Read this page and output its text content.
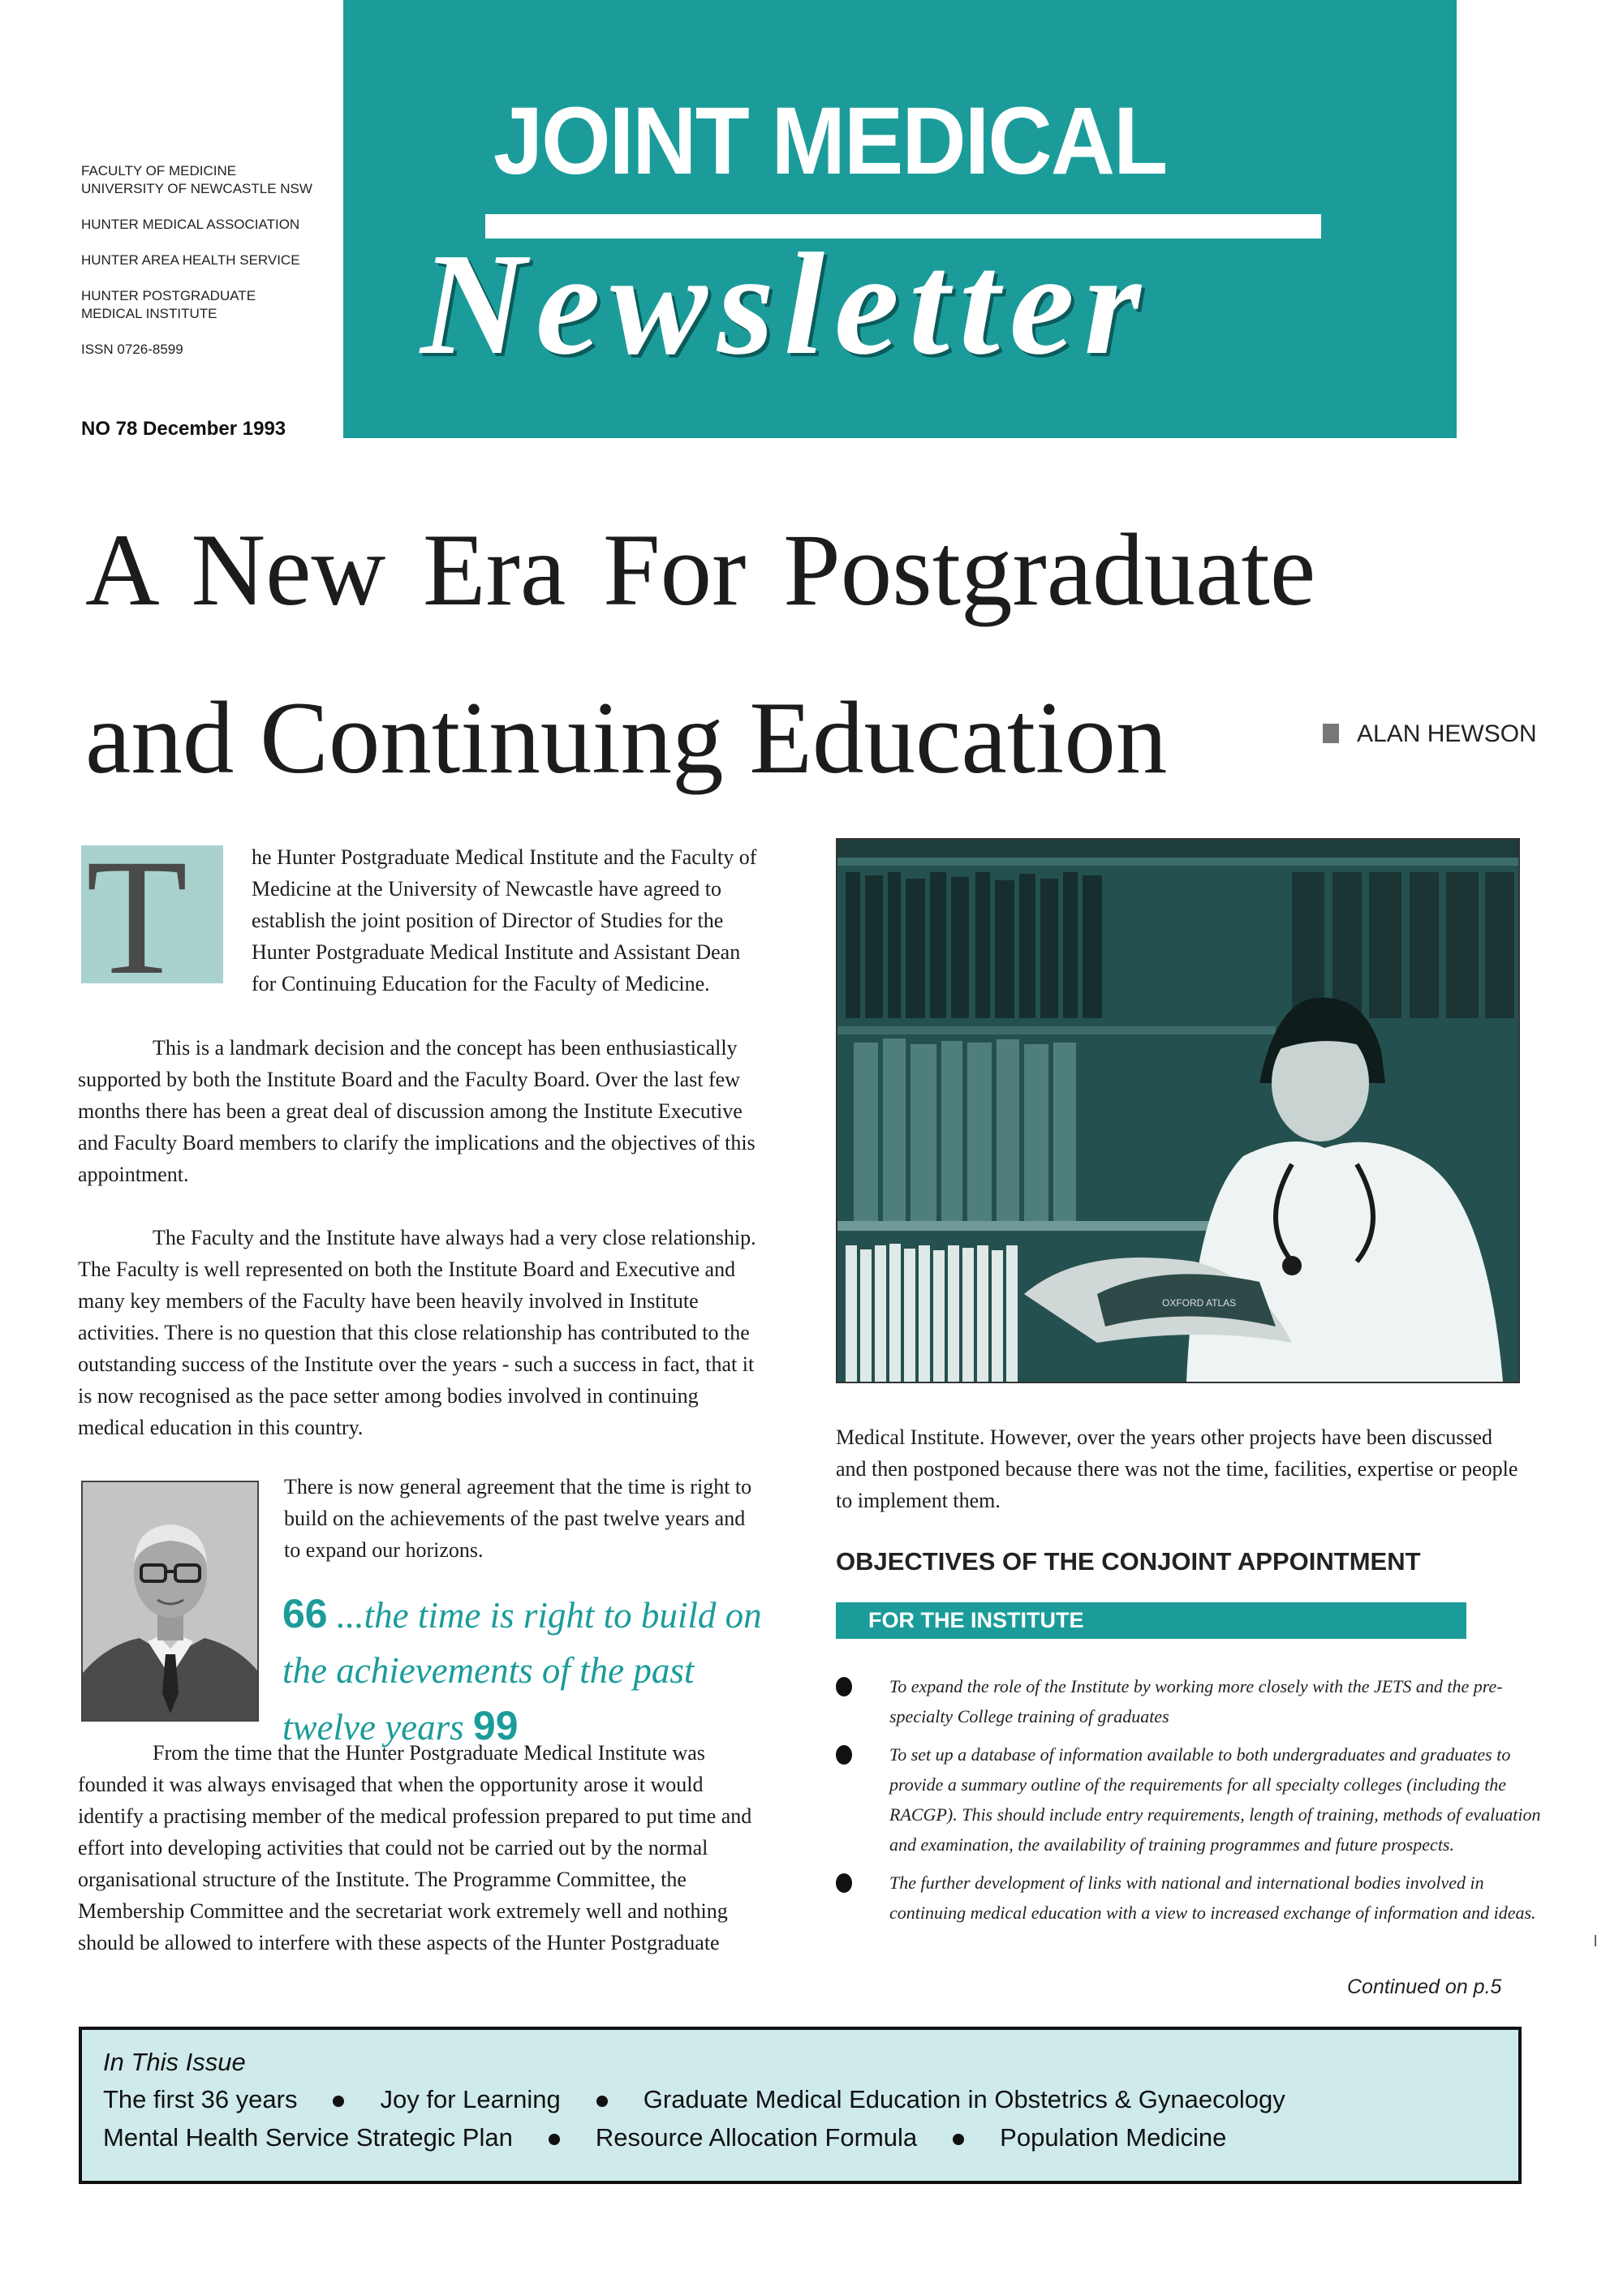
FACULTY OF MEDICINE
UNIVERSITY OF NEWCASTLE NSW
HUNTER MEDICAL ASSOCIATION
HUNTER AREA HEALTH SERVICE
HUNTER POSTGRADUATE
MEDICAL INSTITUTE
ISSN 0726-8599
NO 78 December 1993
JOINT MEDICAL
Newsletter
A New Era For Postgraduate
and Continuing Education	ALAN HEWSON
T	he Hunter Postgraduate Medical Institute and the Faculty of Medicine at the University of Newcastle have agreed to establish the joint position of Director of Studies for the Hunter Postgraduate Medical Institute and Assistant Dean for Continuing Education for the Faculty of Medicine.
This is a landmark decision and the concept has been enthusiastically supported by both the Institute Board and the Faculty Board. Over the last few months there has been a great deal of discussion among the Institute Executive and Faculty Board members to clarify the implications and the objectives of this appointment.
The Faculty and the Institute have always had a very close relationship. The Faculty is well represented on both the Institute Board and Executive and many key members of the Faculty have been heavily involved in Institute activities. There is no question that this close relationship has contributed to the outstanding success of the Institute over the years - such a success in fact, that it is now recognised as the pace setter among bodies involved in continuing medical education in this country.
There is now general agreement that the time is right to build on the achievements of the past twelve years and to expand our horizons.
66 ...the time is right to build on the achievements of the past twelve years 99
From the time that the Hunter Postgraduate Medical Institute was founded it was always envisaged that when the opportunity arose it would identify a practising member of the medical profession prepared to put time and effort into developing activities that could not be carried out by the normal organisational structure of the Institute. The Programme Committee, the Membership Committee and the secretariat work extremely well and nothing should be allowed to interfere with these aspects of the Hunter Postgraduate
OXFORD ATLAS
Medical Institute. However, over the years other projects have been discussed and then postponed because there was not the time, facilities, expertise or people to implement them.
OBJECTIVES OF THE CONJOINT APPOINTMENT
FOR THE INSTITUTE
To expand the role of the Institute by working more closely with the JETS and the pre-specialty College training of graduates
To set up a database of information available to both undergraduates and graduates to provide a summary outline of the requirements for all specialty colleges (including the RACGP). This should include entry requirements, length of training, methods of evaluation and examination, the availability of training programmes and future prospects.
The further development of links with national and international bodies involved in continuing medical education with a view to increased exchange of information and ideas.
Continued on p.5
In This Issue
The first 36 years	Joy for Learning	Graduate Medical Education in Obstetrics & Gynaecology
Mental Health Service Strategic Plan	Resource Allocation Formula	Population Medicine
